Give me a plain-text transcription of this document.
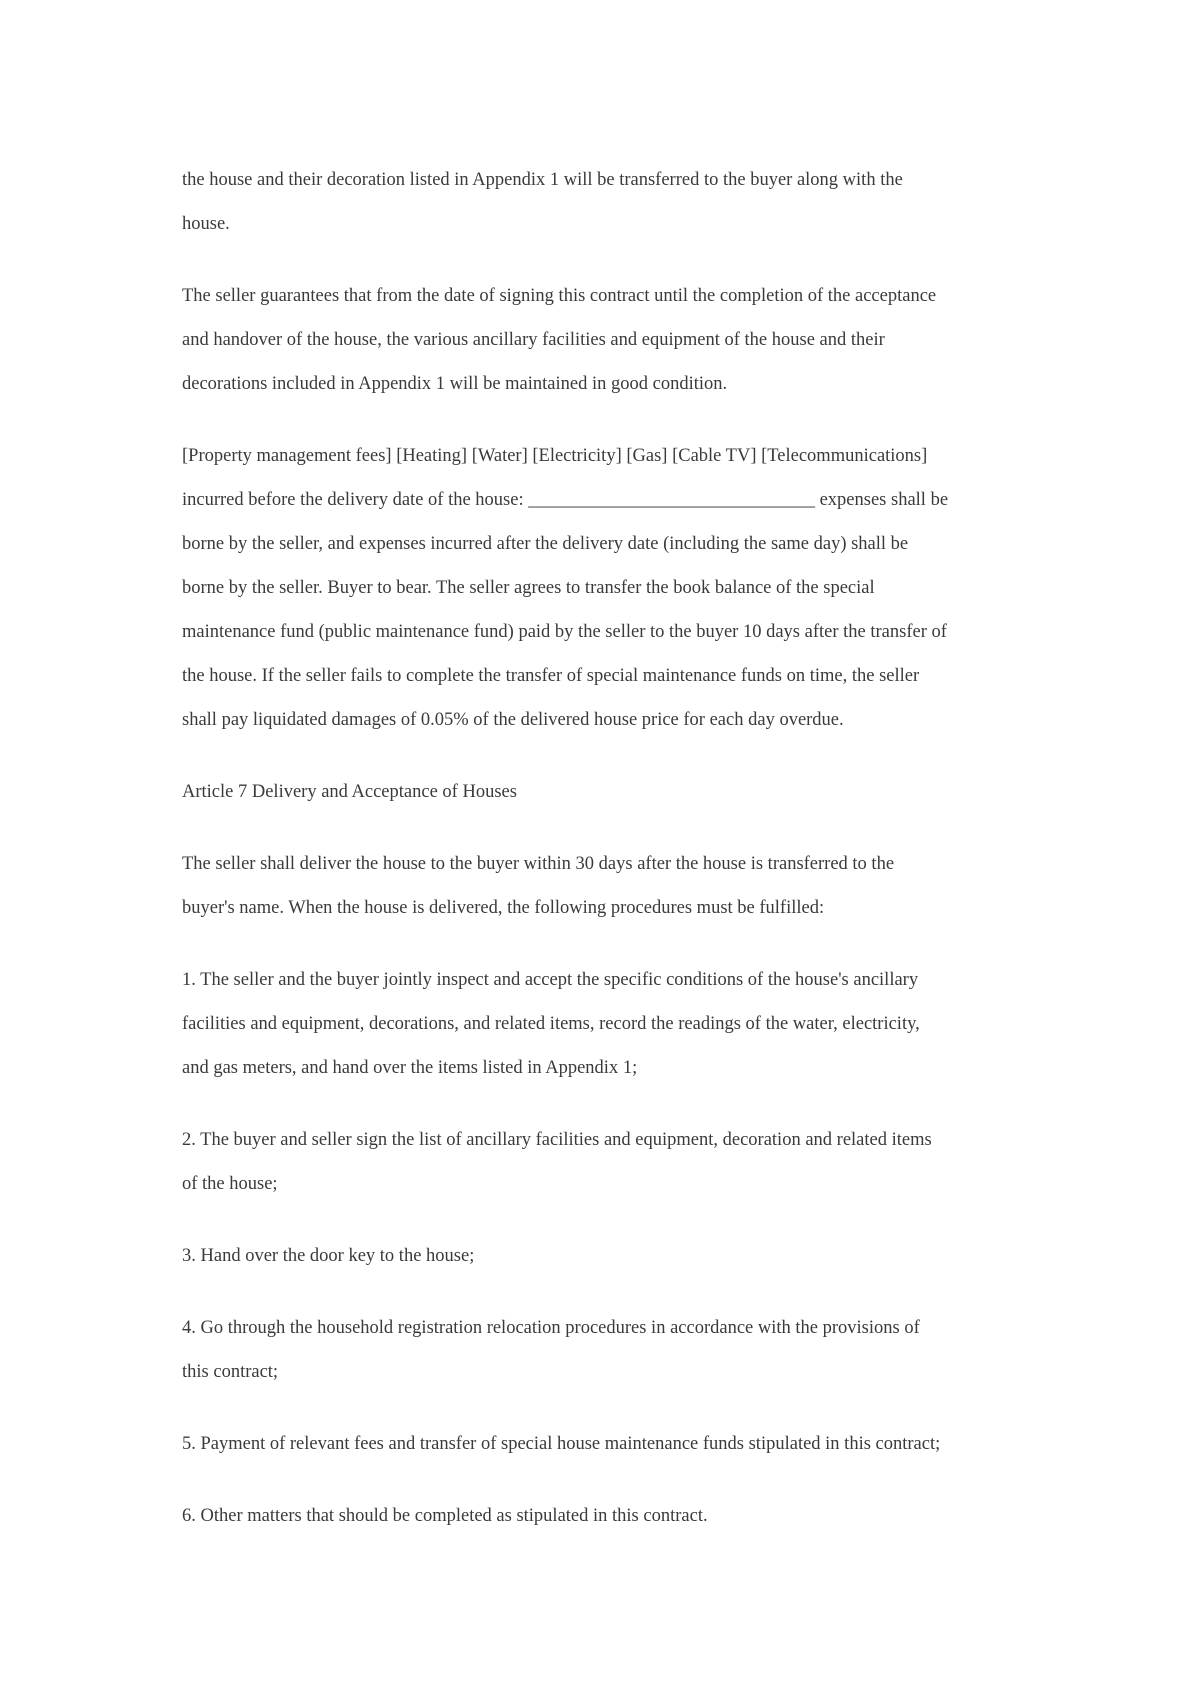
the house and their decoration listed in Appendix 1 will be transferred to the buyer along with the
house.

The seller guarantees that from the date of signing this contract until the completion of the acceptance
and handover of the house, the various ancillary facilities and equipment of the house and their
decorations included in Appendix 1 will be maintained in good condition.

[Property management fees] [Heating] [Water] [Electricity] [Gas] [Cable TV] [Telecommunications]
incurred before the delivery date of the house: _______________________________ expenses shall be
borne by the seller, and expenses incurred after the delivery date (including the same day) shall be
borne by the seller. Buyer to bear. The seller agrees to transfer the book balance of the special
maintenance fund (public maintenance fund) paid by the seller to the buyer 10 days after the transfer of
the house. If the seller fails to complete the transfer of special maintenance funds on time, the seller
shall pay liquidated damages of 0.05% of the delivered house price for each day overdue.

Article 7 Delivery and Acceptance of Houses

The seller shall deliver the house to the buyer within 30 days after the house is transferred to the
buyer's name. When the house is delivered, the following procedures must be fulfilled:

1. The seller and the buyer jointly inspect and accept the specific conditions of the house's ancillary
facilities and equipment, decorations, and related items, record the readings of the water, electricity,
and gas meters, and hand over the items listed in Appendix 1;

2. The buyer and seller sign the list of ancillary facilities and equipment, decoration and related items
of the house;

3. Hand over the door key to the house;

4. Go through the household registration relocation procedures in accordance with the provisions of
this contract;

5. Payment of relevant fees and transfer of special house maintenance funds stipulated in this contract;

6. Other matters that should be completed as stipulated in this contract.
